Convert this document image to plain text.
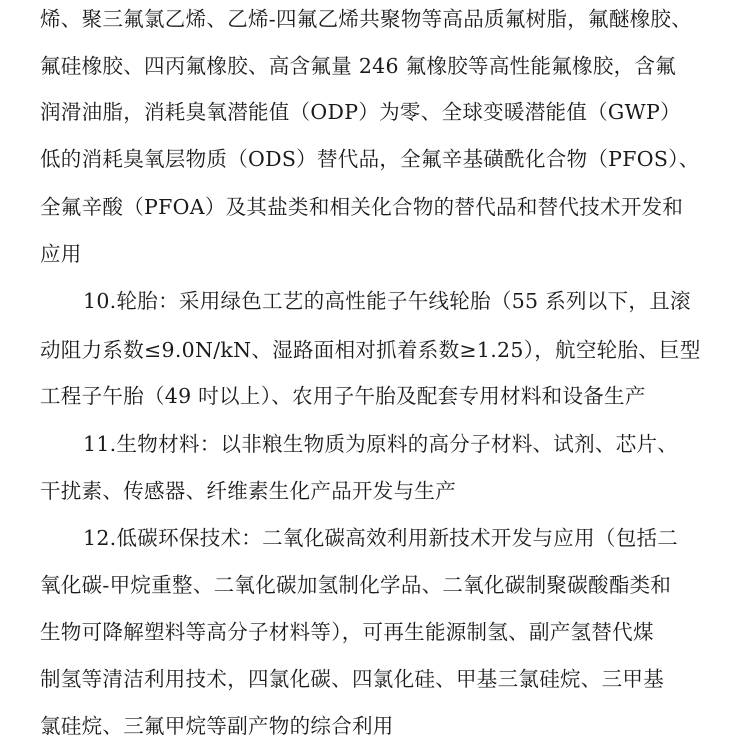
烯、聚三氟氯乙烯、乙烯-四氟乙烯共聚物等高品质氟树脂，氟醚橡胶、
氟硅橡胶、四丙氟橡胶、高含氟量 246 氟橡胶等高性能氟橡胶，含氟
润滑油脂，消耗臭氧潜能值（ODP）为零、全球变暖潜能值（GWP）
低的消耗臭氧层物质（ODS）替代品，全氟辛基磺酰化合物（PFOS）、
全氟辛酸（PFOA）及其盐类和相关化合物的替代品和替代技术开发和
应用
10.轮胎：采用绿色工艺的高性能子午线轮胎（55 系列以下，且滚
动阻力系数≤9.0N/kN、湿路面相对抓着系数≥1.25），航空轮胎、巨型
工程子午胎（49 吋以上）、农用子午胎及配套专用材料和设备生产
11.生物材料：以非粮生物质为原料的高分子材料、试剂、芯片、
干扰素、传感器、纤维素生化产品开发与生产
12.低碳环保技术：二氧化碳高效利用新技术开发与应用（包括二
氧化碳-甲烷重整、二氧化碳加氢制化学品、二氧化碳制聚碳酸酯类和
生物可降解塑料等高分子材料等），可再生能源制氢、副产氢替代煤
制氢等清洁利用技术，四氯化碳、四氯化硅、甲基三氯硅烷、三甲基
氯硅烷、三氟甲烷等副产物的综合利用
